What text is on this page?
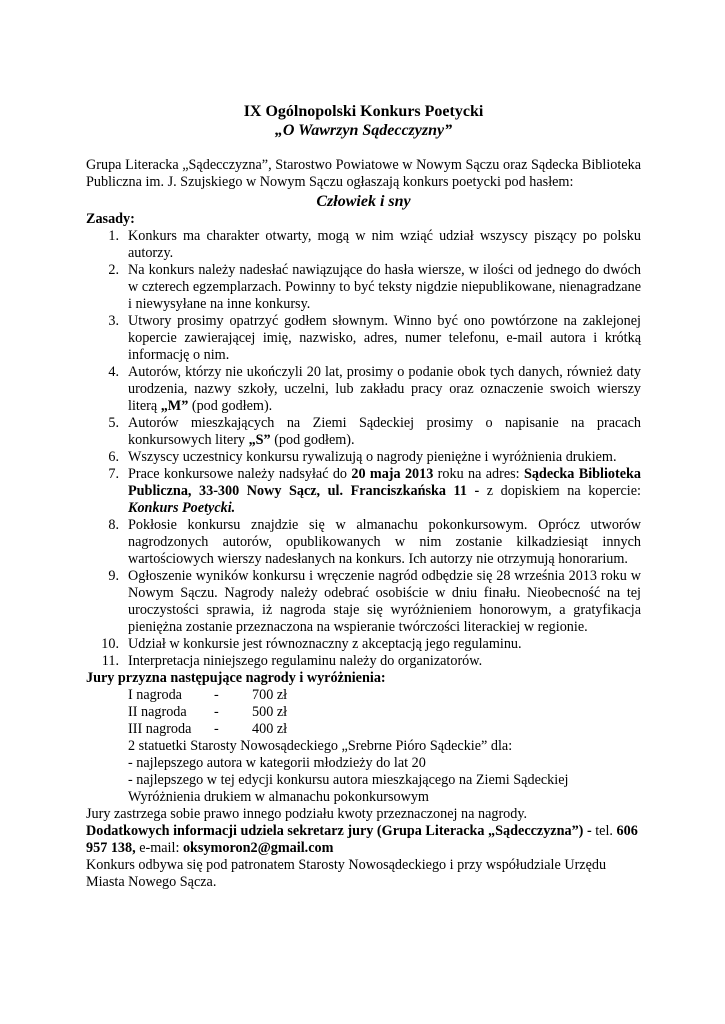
IX Ogólnopolski Konkurs Poetycki
„O Wawrzyn Sądecczyzny”
Grupa Literacka „Sądecczyzna”, Starostwo Powiatowe w Nowym Sączu oraz Sądecka Biblioteka Publiczna im. J. Szujskiego w Nowym Sączu ogłaszają konkurs poetycki pod hasłem:
Człowiek i sny
Zasady:
1. Konkurs ma charakter otwarty, mogą w nim wziąć udział wszyscy piszący po polsku autorzy.
2. Na konkurs należy nadesłać nawiązujące do hasła wiersze, w ilości od jednego do dwóch w czterech egzemplarzach. Powinny to być teksty nigdzie niepublikowane, nienagradzane i niewysyłane na inne konkursy.
3. Utwory prosimy opatrzyć godłem słownym. Winno być ono powtórzone na zaklejonej kopercie zawierającej imię, nazwisko, adres, numer telefonu, e-mail autora i krótką informację o nim.
4. Autorów, którzy nie ukończyli 20 lat, prosimy o podanie obok tych danych, również daty urodzenia, nazwy szkoły, uczelni, lub zakładu pracy oraz oznaczenie swoich wierszy literą „M” (pod godłem).
5. Autorów mieszkających na Ziemi Sądeckiej prosimy o napisanie na pracach konkursowych litery „S” (pod godłem).
6. Wszyscy uczestnicy konkursu rywalizują o nagrody pieniężne i wyróżnienia drukiem.
7. Prace konkursowe należy nadsyłać do 20 maja 2013 roku na adres: Sądecka Biblioteka Publiczna, 33-300 Nowy Sącz, ul. Franciszkańska 11 - z dopiskiem na kopercie: Konkurs Poetycki.
8. Pokłosie konkursu znajdzie się w almanachu pokonkursowym. Oprócz utworów nagrodzonych autorów, opublikowanych w nim zostanie kilkadziesiąt innych wartościowych wierszy nadesłanych na konkurs. Ich autorzy nie otrzymują honorarium.
9. Ogłoszenie wyników konkursu i wręczenie nagród odbędzie się 28 września 2013 roku w Nowym Sączu. Nagrody należy odebrać osobiście w dniu finału. Nieobecność na tej uroczystości sprawia, iż nagroda staje się wyróżnieniem honorowym, a gratyfikacja pieniężna zostanie przeznaczona na wspieranie twórczości literackiej w regionie.
10. Udział w konkursie jest równoznaczny z akceptacją jego regulaminu.
11. Interpretacja niniejszego regulaminu należy do organizatorów.
Jury przyzna następujące nagrody i wyróżnienia:
I nagroda	-	700 zł
II nagroda	-	500 zł
III nagroda	-	400 zł
2 statuetki Starosty Nowosądeckiego „Srebrne Pióro Sądeckie” dla:
- najlepszego autora w kategorii młodzieży do lat 20
- najlepszego w tej edycji konkursu autora mieszkającego na Ziemi Sądeckiej
Wyróżnienia drukiem w almanachu pokonkursowym
Jury zastrzega sobie prawo innego podziału kwoty przeznaczonej na nagrody.
Dodatkowych informacji udziela sekretarz jury (Grupa Literacka „Sądecczyzna”) - tel. 606 957 138, e-mail: oksymoron2@gmail.com
Konkurs odbywa się pod patronatem Starosty Nowosądeckiego i przy współudziale Urzędu Miasta Nowego Sącza.
